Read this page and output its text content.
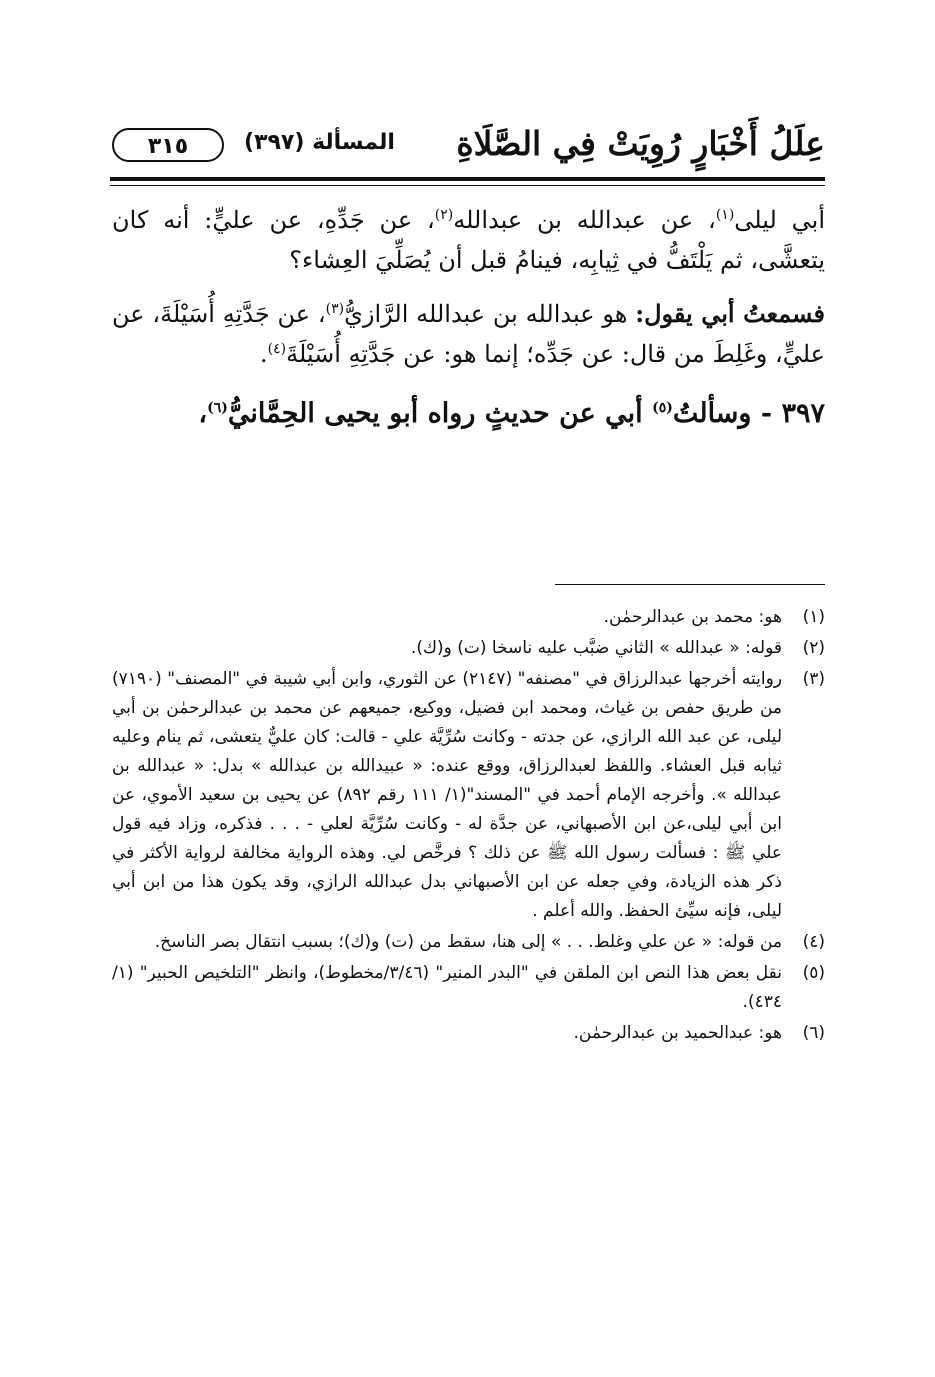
عِلَلُ أَخْبَارٍ رُوِيَتْ فِي الصَّلَاةِ
المسألة (٣٩٧)
٣١٥

أبي ليلى$^{(١)}$، عن عبدالله بن عبدالله$^{(٢)}$، عن جَدِّهِ، عن عليٍّ: أنه كان يتعشَّى، ثم يَلْتَفُّ في ثِيابِه، فينامُ قبل أن يُصَلِّيَ العِشاء؟

فسمعتُ أبي يقول: هو عبدالله بن عبدالله الرَّازيُّ$^{(٣)}$، عن جَدَّتِهِ أُسَيْلَةَ، عن عليٍّ، وغَلِطَ من قال: عن جَدِّه؛ إنما هو: عن جَدَّتِهِ أُسَيْلَةَ$^{(٤)}$.

٣٩٧ - وسألتُ$^{(٥)}$ أبي عن حديثٍ رواه أبو يحيى الحِمَّانيُّ$^{(٦)}$،

(١)
هو: محمد بن عبدالرحمٰن.
(٢)
قوله: « عبدالله » الثاني ضبَّب عليه ناسخا (ت) و(ك).
(٣)
روايته أخرجها عبدالرزاق في "مصنفه" (٢١٤٧) عن الثوري، وابن أبي شيبة في "المصنف" (٧١٩٠) من طريق حفص بن غياث، ومحمد ابن فضيل، ووكيع، جميعهم عن محمد بن عبدالرحمٰن بن أبي ليلى، عن عبد الله الرازي، عن جدته - وكانت سُرِّيَّة علي - قالت: كان عليٌّ يتعشى، ثم ينام وعليه ثيابه قبل العشاء. واللفظ لعبدالرزاق، ووقع عنده: « عبيدالله بن عبدالله » بدل: « عبدالله بن عبدالله ». وأخرجه الإمام أحمد في "المسند"(١/ ١١١ رقم ٨٩٢) عن يحيى بن سعيد الأموي، عن ابن أبي ليلى،عن ابن الأصبهاني، عن جدَّة له - وكانت سُرِّيَّة لعلي - . . . فذكره، وزاد فيه قول علي ﷺ : فسألت رسول الله ﷺ عن ذلك ؟ فرخَّص لي. وهذه الرواية مخالفة لرواية الأكثر في ذكر هذه الزيادة، وفي جعله عن ابن الأصبهاني بدل عبدالله الرازي، وقد يكون هذا من ابن أبي ليلى، فإنه سيِّئ الحفظ. والله أعلم .
(٤)
من قوله: « عن علي وغلط. . . » إلى هنا، سقط من (ت) و(ك)؛ بسبب انتقال بصر الناسخ.
(٥)
نقل بعض هذا النص ابن الملقن في "البدر المنير" (٣/٤٦/مخطوط)، وانظر "التلخيص الحبير" (١/ ٤٣٤).
(٦)
هو: عبدالحميد بن عبدالرحمٰن.
